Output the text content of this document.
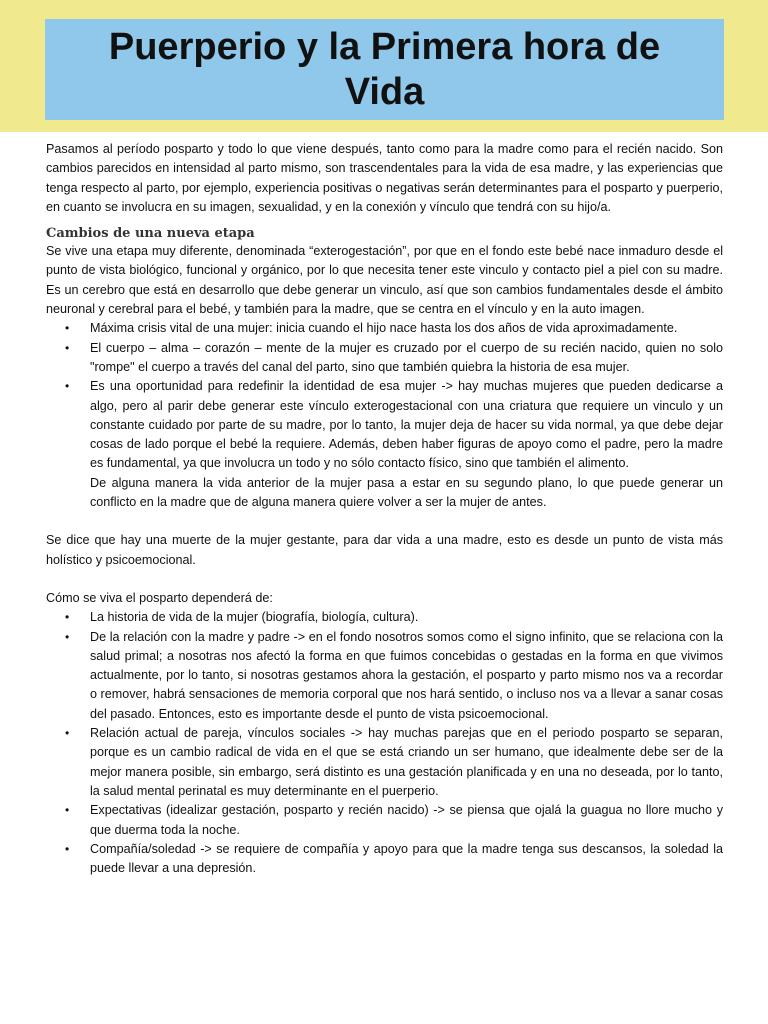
Puerperio y la Primera hora de Vida

Pasamos al período posparto y todo lo que viene después, tanto como para la madre como para el recién nacido. Son cambios parecidos en intensidad al parto mismo, son trascendentales para la vida de esa madre, y las experiencias que tenga respecto al parto, por ejemplo, experiencia positivas o negativas serán determinantes para el posparto y puerperio, en cuanto se involucra en su imagen, sexualidad, y en la conexión y vínculo que tendrá con su hijo/a.

Cambios de una nueva etapa

Se vive una etapa muy diferente, denominada “exterogestación”, por que en el fondo este bebé nace inmaduro desde el punto de vista biológico, funcional y orgánico, por lo que necesita tener este vinculo y contacto piel a piel con su madre. Es un cerebro que está en desarrollo que debe generar un vinculo, así que son cambios fundamentales desde el ámbito neuronal y cerebral para el bebé, y también para la madre, que se centra en el vínculo y en la auto imagen.

• Máxima crisis vital de una mujer: inicia cuando el hijo nace hasta los dos años de vida aproximadamente.
• El cuerpo – alma – corazón – mente de la mujer es cruzado por el cuerpo de su recién nacido, quien no solo "rompe" el cuerpo a través del canal del parto, sino que también quiebra la historia de esa mujer.
• Es una oportunidad para redefinir la identidad de esa mujer -> hay muchas mujeres que pueden dedicarse a algo, pero al parir debe generar este vínculo exterogestacional con una criatura que requiere un vinculo y un constante cuidado por parte de su madre, por lo tanto, la mujer deja de hacer su vida normal, ya que debe dejar cosas de lado porque el bebé la requiere. Además, deben haber figuras de apoyo como el padre, pero la madre es fundamental, ya que involucra un todo y no sólo contacto físico, sino que también el alimento.

De alguna manera la vida anterior de la mujer pasa a estar en su segundo plano, lo que puede generar un conflicto en la madre que de alguna manera quiere volver a ser la mujer de antes.

Se dice que hay una muerte de la mujer gestante, para dar vida a una madre, esto es desde un punto de vista más holístico y psicoemocional.

Cómo se viva el posparto dependerá de:

• La historia de vida de la mujer (biografía, biología, cultura).
• De la relación con la madre y padre -> en el fondo nosotros somos como el signo infinito, que se relaciona con la salud primal; a nosotras nos afectó la forma en que fuimos concebidas o gestadas en la forma en que vivimos actualmente, por lo tanto, si nosotras gestamos ahora la gestación, el posparto y parto mismo nos va a recordar o remover, habrá sensaciones de memoria corporal que nos hará sentido, o incluso nos va a llevar a sanar cosas del pasado. Entonces, esto es importante desde el punto de vista psicoemocional.
• Relación actual de pareja, vínculos sociales -> hay muchas parejas que en el periodo posparto se separan, porque es un cambio radical de vida en el que se está criando un ser humano, que idealmente debe ser de la mejor manera posible, sin embargo, será distinto es una gestación planificada y en una no deseada, por lo tanto, la salud mental perinatal es muy determinante en el puerperio.
• Expectativas (idealizar gestación, posparto y recién nacido) -> se piensa que ojalá la guagua no llore mucho y que duerma toda la noche.
• Compañía/soledad -> se requiere de compañía y apoyo para que la madre tenga sus descansos, la soledad la puede llevar a una depresión.
